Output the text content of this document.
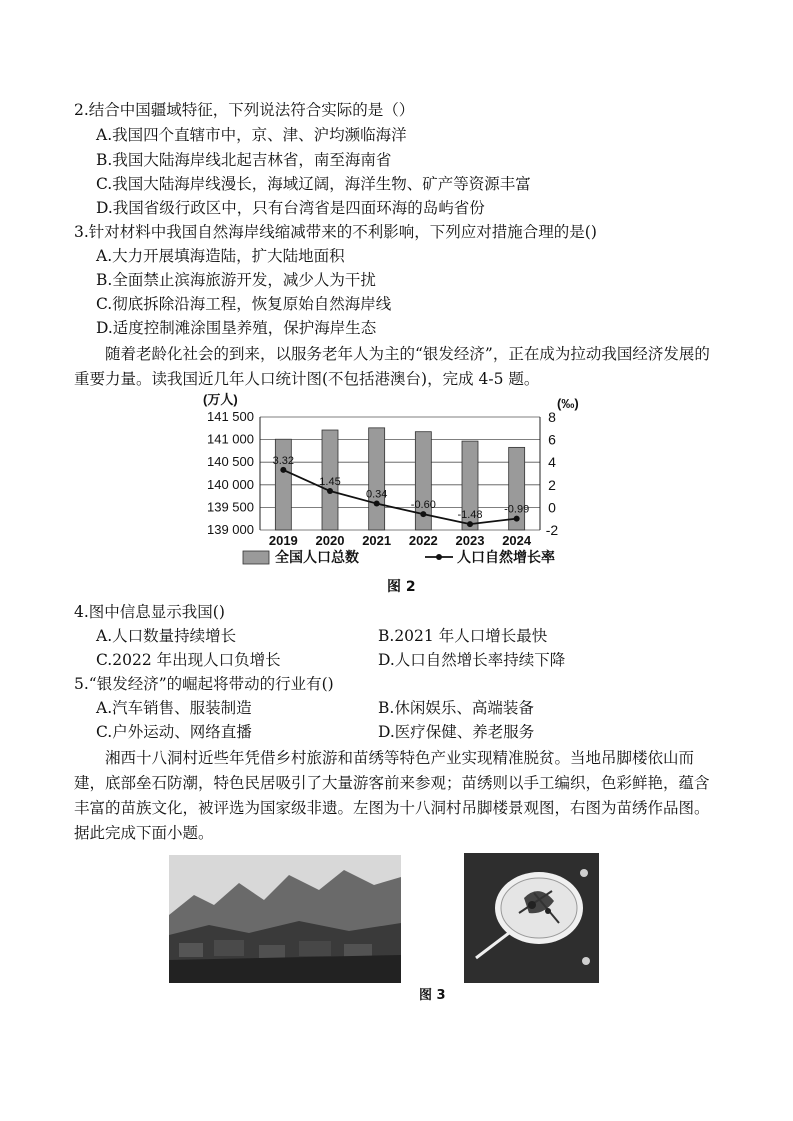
2.结合中国疆域特征，下列说法符合实际的是（）
A.我国四个直辖市中，京、津、沪均濒临海洋
B.我国大陆海岸线北起吉林省，南至海南省
C.我国大陆海岸线漫长，海域辽阔，海洋生物、矿产等资源丰富
D.我国省级行政区中，只有台湾省是四面环海的岛屿省份
3.针对材料中我国自然海岸线缩减带来的不利影响，下列应对措施合理的是()
A.大力开展填海造陆，扩大陆地面积
B.全面禁止滨海旅游开发，减少人为干扰
C.彻底拆除沿海工程，恢复原始自然海岸线
D.适度控制滩涂围垦养殖，保护海岸生态
随着老龄化社会的到来，以服务老年人为主的“银发经济”，正在成为拉动我国经济发展的重要力量。读我国近几年人口统计图(不包括港澳台)，完成 4-5 题。
3.32
1.45
0.34
-0.60
-1.48 -0.99
141 500
141 000
140 500
140 000
139 500
139 000
8
6
4
2
0
-2
(万人)	(‰)
2019 2020 2021 2022 2023 2024
全国人口总数	人口自然增长率
图 2
4.图中信息显示我国()
A.人口数量持续增长	B.2021 年人口增长最快
C.2022 年出现人口负增长	D.人口自然增长率持续下降
5.“银发经济”的崛起将带动的行业有()
A.汽车销售、服装制造	B.休闲娱乐、高端装备
C.户外运动、网络直播	D.医疗保健、养老服务
湘西十八洞村近些年凭借乡村旅游和苗绣等特色产业实现精准脱贫。当地吊脚楼依山而建，底部垒石防潮，特色民居吸引了大量游客前来参观；苗绣则以手工编织，色彩鲜艳，蕴含丰富的苗族文化，被评选为国家级非遗。左图为十八洞村吊脚楼景观图，右图为苗绣作品图。据此完成下面小题。
图 3
